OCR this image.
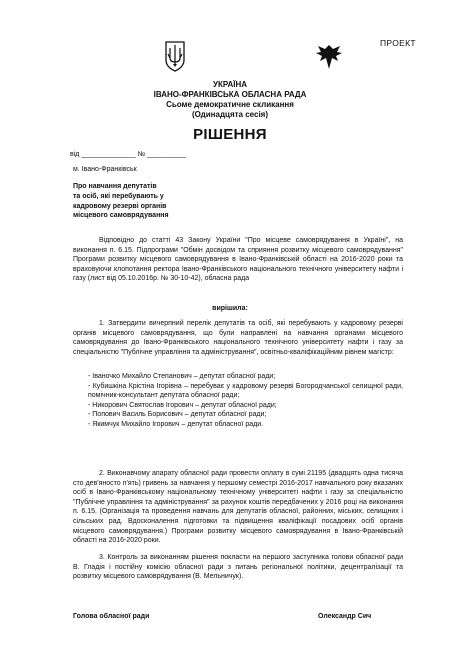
ПРОЕКТ
УКРАЇНА
ІВАНО-ФРАНКІВСЬКА ОБЛАСНА РАДА
Сьоме демократичне скликання
(Одинадцята сесія)
РІШЕННЯ
від ______________ № __________
м. Івано-Франківськ
Про навчання депутатів
та осіб, які перебувають у
кадровому резерві органів
місцевого самоврядування
Відповідно до статті 43 Закону України "Про місцеве самоврядування в Україні", на виконання п. 6.15. Підпрограми "Обмін досвідом та сприяння розвитку місцевого самоврядування" Програми розвитку місцевого самоврядування в Івано-Франківській області на 2016-2020 роки та враховуючи клопотання ректора Івано-Франківського національного технічного університету нафти і газу (лист від 05.10.2016р. № 30-10-42), обласна рада
вирішила:
1. Затвердити вичерпний перелік депутатів та осіб, які перебувають у кадровому резерві органів місцевого самоврядування, що були направлені на навчання органами місцевого самоврядування до Івано-Франківського національного технічного університету нафти і газу за спеціальністю "Публічне управління та адміністрування", освітньо-кваліфікаційним рівнем магістр:
- Іваночко Михайло Степанович – депутат обласної ради;
- Кубишкіна Крістіна Ігорівна – перебуває у кадровому резерві Богородчанської селищної ради, помічник-консультант депутата обласної ради;
- Никорович Святослав Ігорович – депутат обласної ради;
- Попович Василь Борисович – депутат обласної ради;
- Якимчук Михайло Ігорович – депутат обласної ради.
2. Виконавчому апарату обласної ради провести оплату в сумі 21195 (двадцять одна тисяча сто дев'яносто п'ять) гривень за навчання у першому семестрі 2016-2017 навчального року вказаних осіб в Івано-Франківському національному технічному університеті нафти і газу за спеціальністю "Публічне управління та адміністрування" за рахунок коштів передбачених у 2016 році на виконання п. 6.15. (Організація та проведення навчань для депутатів обласної, районних, міських, селищних і сільських рад. Вдосконалення підготовки та підвищення кваліфікації посадових осіб органів місцевого самоврядування.) Програми розвитку місцевого самоврядування в Івано-Франківській області на 2016-2020 роки.
3. Контроль за виконанням рішення покласти на першого заступника голови обласної ради В. Гладія і постійну комісію обласної ради з питань регіональної політики, децентралізації та розвитку місцевого самоврядування (В. Мельничук).
Голова обласної ради	Олександр Сич
